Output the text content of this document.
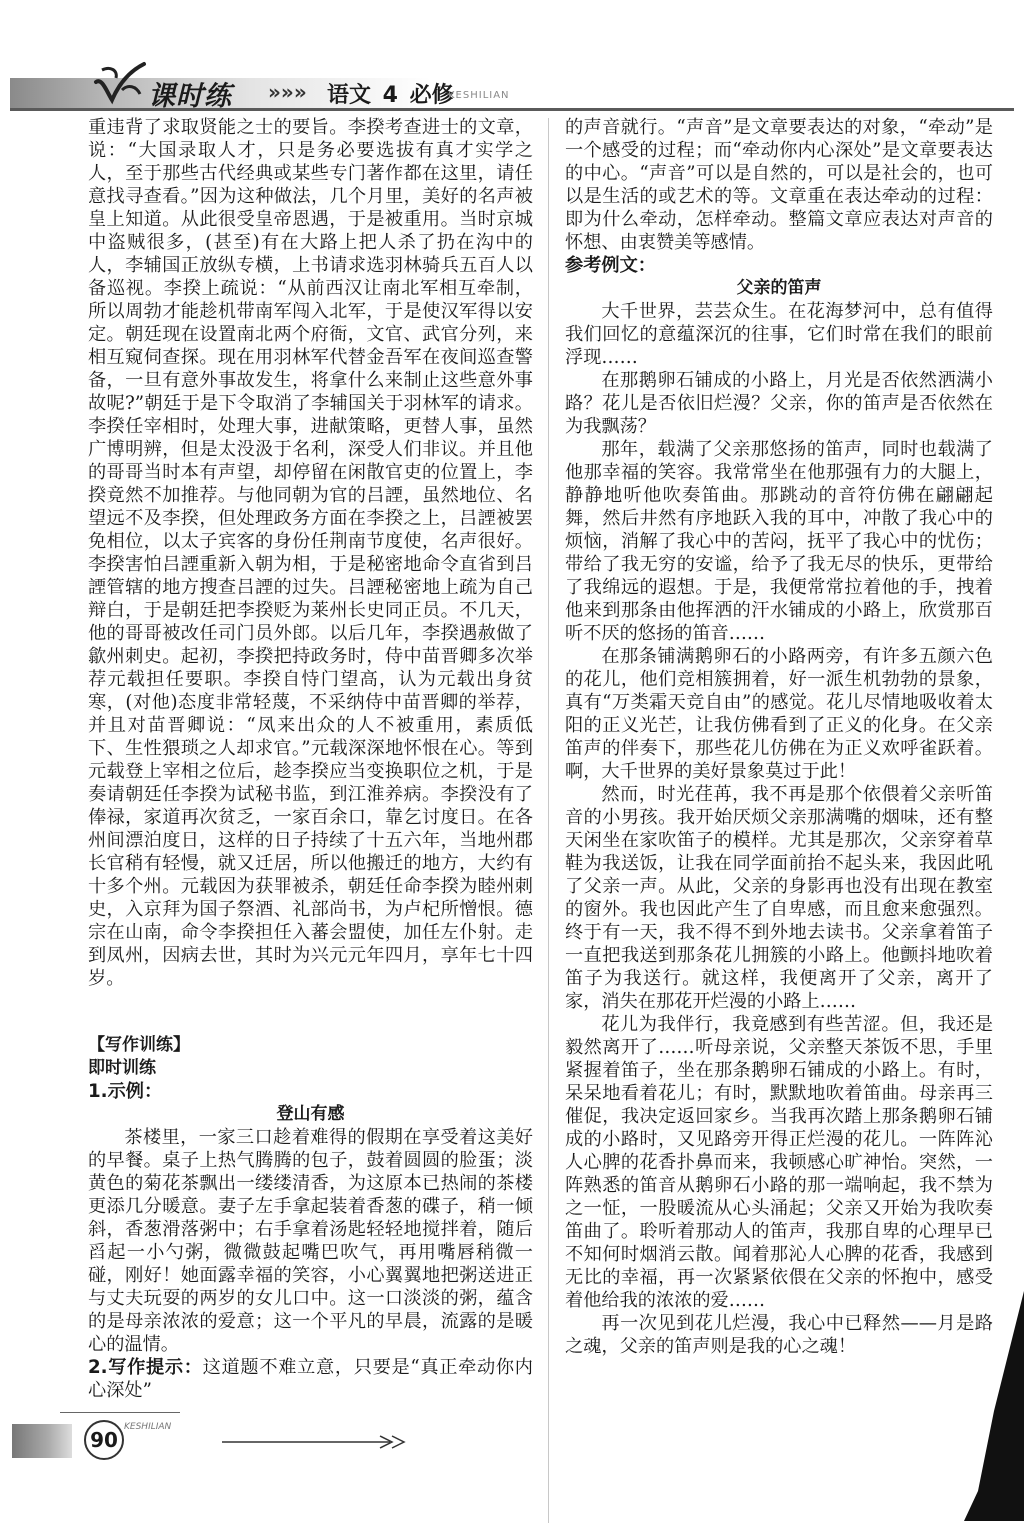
课时练 »»» 语文 4 必修
KESHILIAN

重违背了求取贤能之士的要旨。李揆考查进士的文章，说：“大国录取人才，只是务必要选拔有真才实学之人，至于那些古代经典或某些专门著作都在这里，请任意找寻查看。”因为这种做法，几个月里，美好的名声被皇上知道。从此很受皇帝恩遇，于是被重用。当时京城中盗贼很多，(甚至)有在大路上把人杀了扔在沟中的人，李辅国正放纵专横，上书请求选羽林骑兵五百人以备巡视。李揆上疏说：“从前西汉让南北军相互牵制，所以周勃才能趁机带南军闯入北军，于是使汉军得以安定。朝廷现在设置南北两个府衙，文官、武官分列，来相互窥伺查探。现在用羽林军代替金吾军在夜间巡查警备，一旦有意外事故发生，将拿什么来制止这些意外事故呢?”朝廷于是下令取消了李辅国关于羽林军的请求。李揆任宰相时，处理大事，进献策略，更替人事，虽然广博明辨，但是太没汲于名利，深受人们非议。并且他的哥哥当时本有声望，却停留在闲散官吏的位置上，李揆竟然不加推荐。与他同朝为官的吕諲，虽然地位、名望远不及李揆，但处理政务方面在李揆之上，吕諲被罢免相位，以太子宾客的身份任荆南节度使，名声很好。李揆害怕吕諲重新入朝为相，于是秘密地命令直省到吕諲管辖的地方搜查吕諲的过失。吕諲秘密地上疏为自己辩白，于是朝廷把李揆贬为莱州长史同正员。不几天，他的哥哥被改任司门员外郎。以后几年，李揆遇赦做了歙州刺史。起初，李揆把持政务时，侍中苗晋卿多次举荐元载担任要职。李揆自恃门望高，认为元载出身贫寒，(对他)态度非常轻蔑，不采纳侍中苗晋卿的举荐，并且对苗晋卿说：“凤来出众的人不被重用，素质低下、生性猥琐之人却求官。”元载深深地怀恨在心。等到元载登上宰相之位后，趁李揆应当变换职位之机，于是奏请朝廷任李揆为试秘书监，到江淮养病。李揆没有了俸禄，家道再次贫乏，一家百余口，靠乞讨度日。在各州间漂泊度日，这样的日子持续了十五六年，当地州郡长官稍有轻慢，就又迁居，所以他搬迁的地方，大约有十多个州。元载因为获罪被杀，朝廷任命李揆为睦州刺史，入京拜为国子祭酒、礼部尚书，为卢杞所憎恨。德宗在山南，命令李揆担任入蕃会盟使，加任左仆射。走到凤州，因病去世，其时为兴元元年四月，享年七十四岁。

【写作训练】

即时训练

1.示例：

登山有感

茶楼里，一家三口趁着难得的假期在享受着这美好的早餐。桌子上热气腾腾的包子，鼓着圆圆的脸蛋；淡黄色的菊花茶飘出一缕缕清香，为这原本已热闹的茶楼更添几分暖意。妻子左手拿起装着香葱的碟子，稍一倾斜，香葱滑落粥中；右手拿着汤匙轻轻地搅拌着，随后舀起一小勺粥，微微鼓起嘴巴吹气，再用嘴唇稍微一碰，刚好！她面露幸福的笑容，小心翼翼地把粥送进正与丈夫玩耍的两岁的女儿口中。这一口淡淡的粥，蕴含的是母亲浓浓的爱意；这一个平凡的早晨，流露的是暖心的温情。

2.写作提示：这道题不难立意，只要是“真正牵动你内心深处”

的声音就行。“声音”是文章要表达的对象，“牵动”是一个感受的过程；而“牵动你内心深处”是文章要表达的中心。“声音”可以是自然的，可以是社会的，也可以是生活的或艺术的等。文章重在表达牵动的过程：即为什么牵动，怎样牵动。整篇文章应表达对声音的怀想、由衷赞美等感情。

参考例文：

父亲的笛声

大千世界，芸芸众生。在花海梦河中，总有值得我们回忆的意蕴深沉的往事，它们时常在我们的眼前浮现……

在那鹅卵石铺成的小路上，月光是否依然洒满小路？花儿是否依旧烂漫？父亲，你的笛声是否依然在为我飘荡？

那年，载满了父亲那悠扬的笛声，同时也载满了他那幸福的笑容。我常常坐在他那强有力的大腿上，静静地听他吹奏笛曲。那跳动的音符仿佛在翩翩起舞，然后井然有序地跃入我的耳中，冲散了我心中的烦恼，消解了我心中的苦闷，抚平了我心中的忧伤；带给了我无穷的安谧，给予了我无尽的快乐，更带给了我绵远的遐想。于是，我便常常拉着他的手，拽着他来到那条由他挥洒的汗水铺成的小路上，欣赏那百听不厌的悠扬的笛音……

在那条铺满鹅卵石的小路两旁，有许多五颜六色的花儿，他们竞相簇拥着，好一派生机勃勃的景象，真有“万类霜天竞自由”的感觉。花儿尽情地吸收着太阳的正义光芒，让我仿佛看到了正义的化身。在父亲笛声的伴奏下，那些花儿仿佛在为正义欢呼雀跃着。啊，大千世界的美好景象莫过于此！

然而，时光荏苒，我不再是那个依偎着父亲听笛音的小男孩。我开始厌烦父亲那满嘴的烟味，还有整天闲坐在家吹笛子的模样。尤其是那次，父亲穿着草鞋为我送饭，让我在同学面前抬不起头来，我因此吼了父亲一声。从此，父亲的身影再也没有出现在教室的窗外。我也因此产生了自卑感，而且愈来愈强烈。终于有一天，我不得不到外地去读书。父亲拿着笛子一直把我送到那条花儿拥簇的小路上。他颤抖地吹着笛子为我送行。就这样，我便离开了父亲，离开了家，消失在那花开烂漫的小路上……

花儿为我伴行，我竟感到有些苦涩。但，我还是毅然离开了……听母亲说，父亲整天茶饭不思，手里紧握着笛子，坐在那条鹅卵石铺成的小路上。有时，呆呆地看着花儿；有时，默默地吹着笛曲。母亲再三催促，我决定返回家乡。当我再次踏上那条鹅卵石铺成的小路时，又见路旁开得正烂漫的花儿。一阵阵沁人心脾的花香扑鼻而来，我顿感心旷神怡。突然，一阵熟悉的笛音从鹅卵石小路的那一端响起，我不禁为之一怔，一股暖流从心头涌起；父亲又开始为我吹奏笛曲了。聆听着那动人的笛声，我那自卑的心理早已不知何时烟消云散。闻着那沁人心脾的花香，我感到无比的幸福，再一次紧紧依偎在父亲的怀抱中，感受着他给我的浓浓的爱……

再一次见到花儿烂漫，我心中已释然——月是路之魂，父亲的笛声则是我的心之魂！

90
KESHILIAN
